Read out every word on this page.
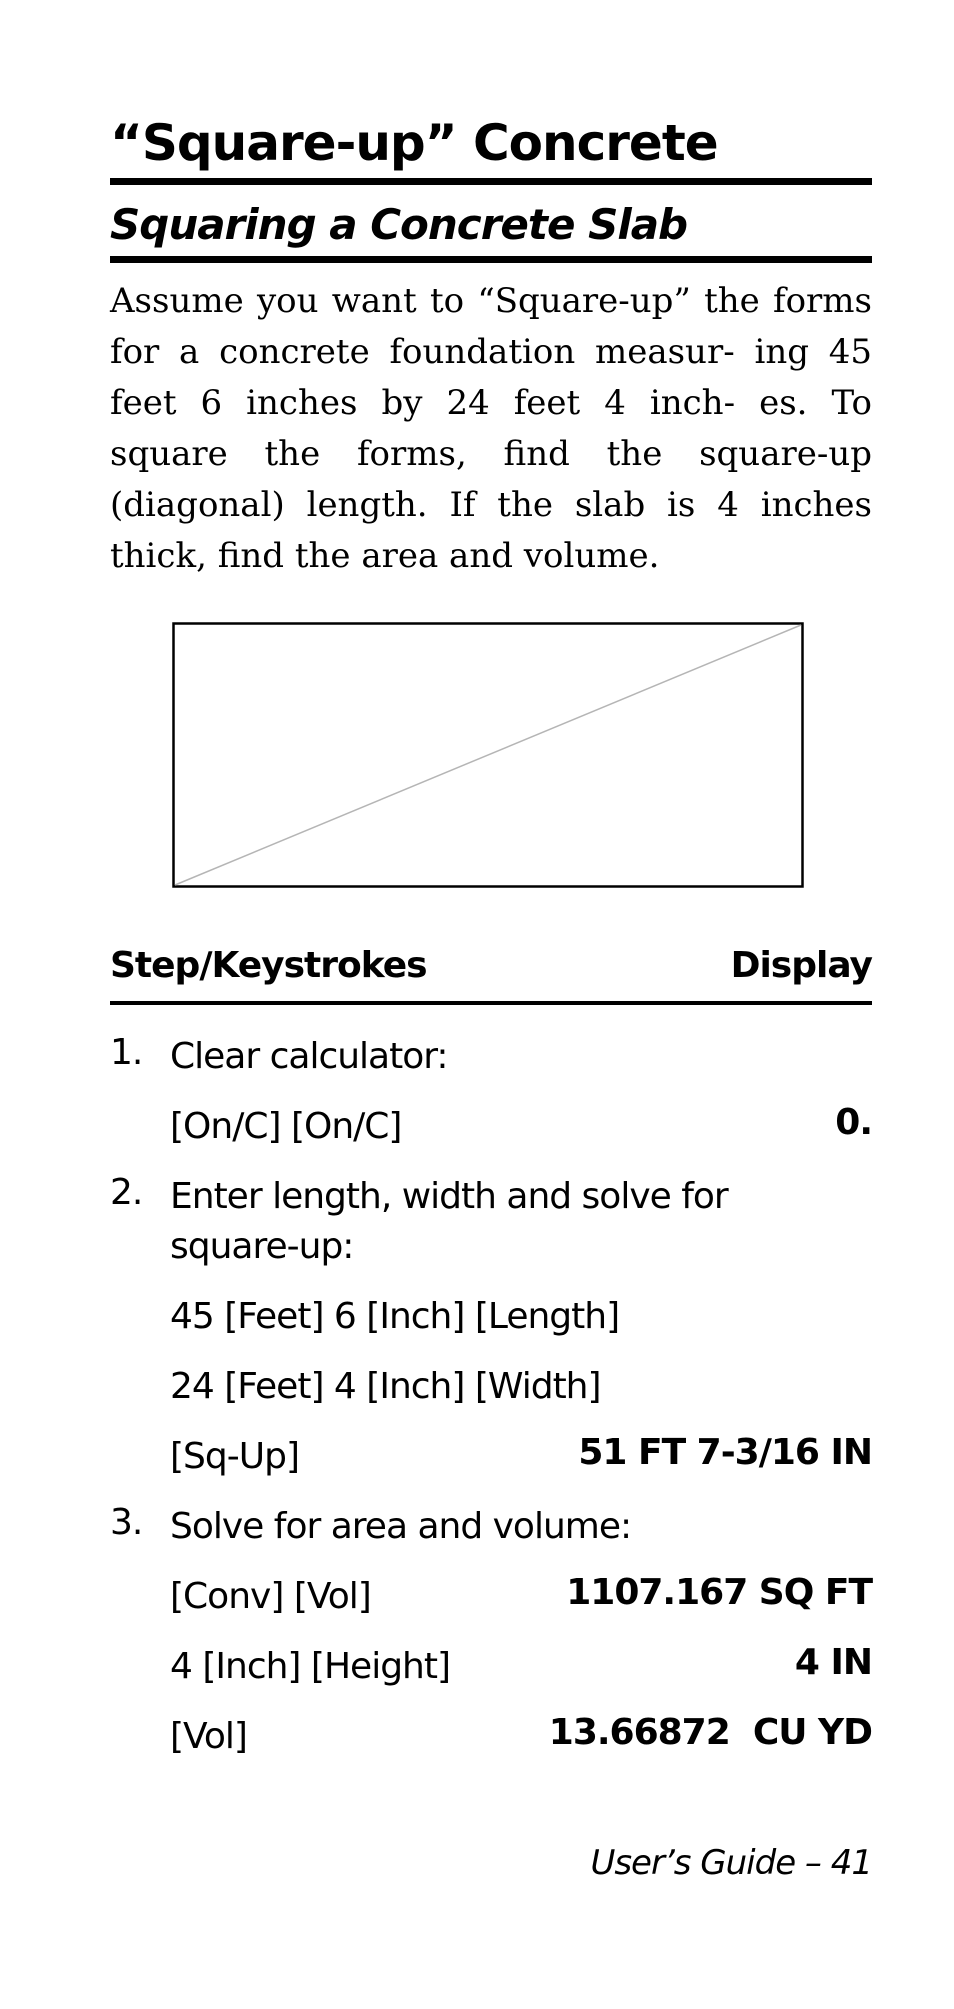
“Square-up” Concrete
Squaring a Concrete Slab

Assume you want to “Square-up” the forms for a concrete foundation measur- ing 45 feet 6 inches by 24 feet 4 inch- es. To square the forms, find the square-up (diagonal) length. If the slab is 4 inches thick, find the area and volume.

Step/Keystrokes	Display
1. Clear calculator:
[On/C] [On/C]	0.
2. Enter length, width and solve for square-up:
45 [Feet] 6 [Inch] [Length]
24 [Feet] 4 [Inch] [Width]
[Sq-Up]	51 FT 7-3/16 IN
3. Solve for area and volume:
[Conv] [Vol]	1107.167 SQ FT
4 [Inch] [Height]	4 IN
[Vol]	13.66872  CU YD
User’s Guide – 41
